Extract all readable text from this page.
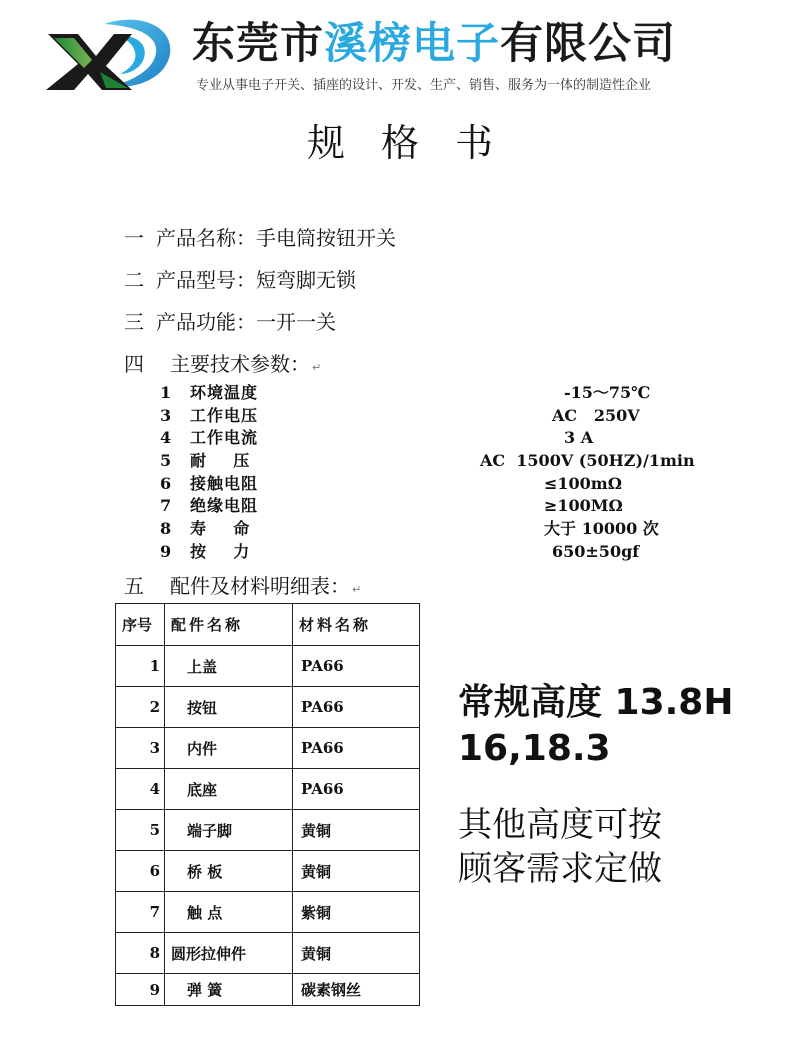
东莞市溪榜电子有限公司
专业从事电子开关、插座的设计、开发、生产、销售、服务为一体的制造性企业
规格书
一 产品名称：手电筒按钮开关
二 产品型号：短弯脚无锁
三 产品功能：一开一关
四 主要技术参数： ↵
1	环境温度	-15～75℃
3	工作电压	AC   250V
4	工作电流	3 A
5	耐    压	AC  1500V (50HZ)/1min
6	接触电阻	≤100mΩ
7	绝缘电阻	≥100MΩ
8	寿    命	大于 10000 次
9	按    力	650±50gf
五 配件及材料明细表： ↵
序号	配件名称	材料名称
1	上盖	PA66
2	按钮	PA66
3	内件	PA66
4	底座	PA66
5	端子脚	黄铜
6	桥 板	黄铜
7	触 点	紫铜
8	圆形拉伸件	黄铜
9	弹 簧	碳素钢丝
常规高度 13.8H
16,18.3
其他高度可按
顾客需求定做
